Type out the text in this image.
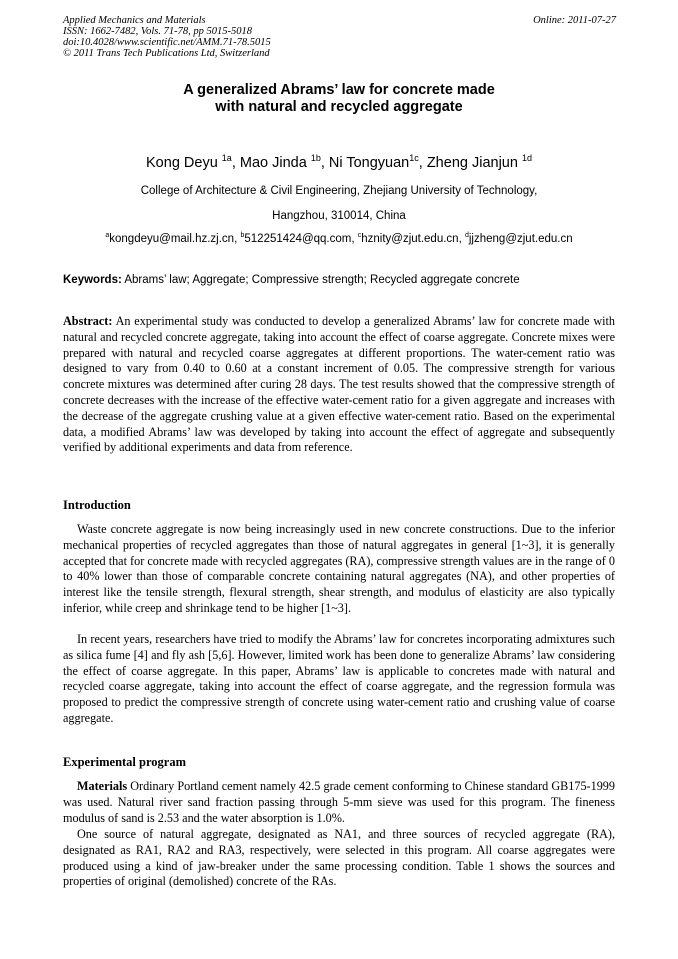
Applied Mechanics and Materials
ISSN: 1662-7482, Vols. 71-78, pp 5015-5018
doi:10.4028/www.scientific.net/AMM.71-78.5015
© 2011 Trans Tech Publications Ltd, Switzerland
Online: 2011-07-27
A generalized Abrams’ law for concrete made
with natural and recycled aggregate
Kong Deyu $^{1a}$, Mao Jinda $^{1b}$, Ni Tongyuan$^{1c}$, Zheng Jianjun $^{1d}$
College of Architecture & Civil Engineering, Zhejiang University of Technology,
Hangzhou, 310014, China
$^a$kongdeyu@mail.hz.zj.cn, $^b$512251424@qq.com, $^c$hznity@zjut.edu.cn, $^d$jjzheng@zjut.edu.cn
Keywords: Abrams’ law; Aggregate; Compressive strength; Recycled aggregate concrete
Abstract: An experimental study was conducted to develop a generalized Abrams’ law for concrete made with natural and recycled concrete aggregate, taking into account the effect of coarse aggregate. Concrete mixes were prepared with natural and recycled coarse aggregates at different proportions. The water-cement ratio was designed to vary from 0.40 to 0.60 at a constant increment of 0.05. The compressive strength for various concrete mixtures was determined after curing 28 days. The test results showed that the compressive strength of concrete decreases with the increase of the effective water-cement ratio for a given aggregate and increases with the decrease of the aggregate crushing value at a given effective water-cement ratio. Based on the experimental data, a modified Abrams’ law was developed by taking into account the effect of aggregate and subsequently verified by additional experiments and data from reference.
Introduction
Waste concrete aggregate is now being increasingly used in new concrete constructions. Due to the inferior mechanical properties of recycled aggregates than those of natural aggregates in general [1~3], it is generally accepted that for concrete made with recycled aggregates (RA), compressive strength values are in the range of 0 to 40% lower than those of comparable concrete containing natural aggregates (NA), and other properties of interest like the tensile strength, flexural strength, shear strength, and modulus of elasticity are also typically inferior, while creep and shrinkage tend to be higher [1~3].
In recent years, researchers have tried to modify the Abrams’ law for concretes incorporating admixtures such as silica fume [4] and fly ash [5,6]. However, limited work has been done to generalize Abrams’ law considering the effect of coarse aggregate. In this paper, Abrams’ law is applicable to concretes made with natural and recycled coarse aggregate, taking into account the effect of coarse aggregate, and the regression formula was proposed to predict the compressive strength of concrete using water-cement ratio and crushing value of coarse aggregate.
Experimental program
Materials Ordinary Portland cement namely 42.5 grade cement conforming to Chinese standard GB175-1999 was used. Natural river sand fraction passing through 5-mm sieve was used for this program. The fineness modulus of sand is 2.53 and the water absorption is 1.0%.
One source of natural aggregate, designated as NA1, and three sources of recycled aggregate (RA), designated as RA1, RA2 and RA3, respectively, were selected in this program. All coarse aggregates were produced using a kind of jaw-breaker under the same processing condition. Table 1 shows the sources and properties of original (demolished) concrete of the RAs.
